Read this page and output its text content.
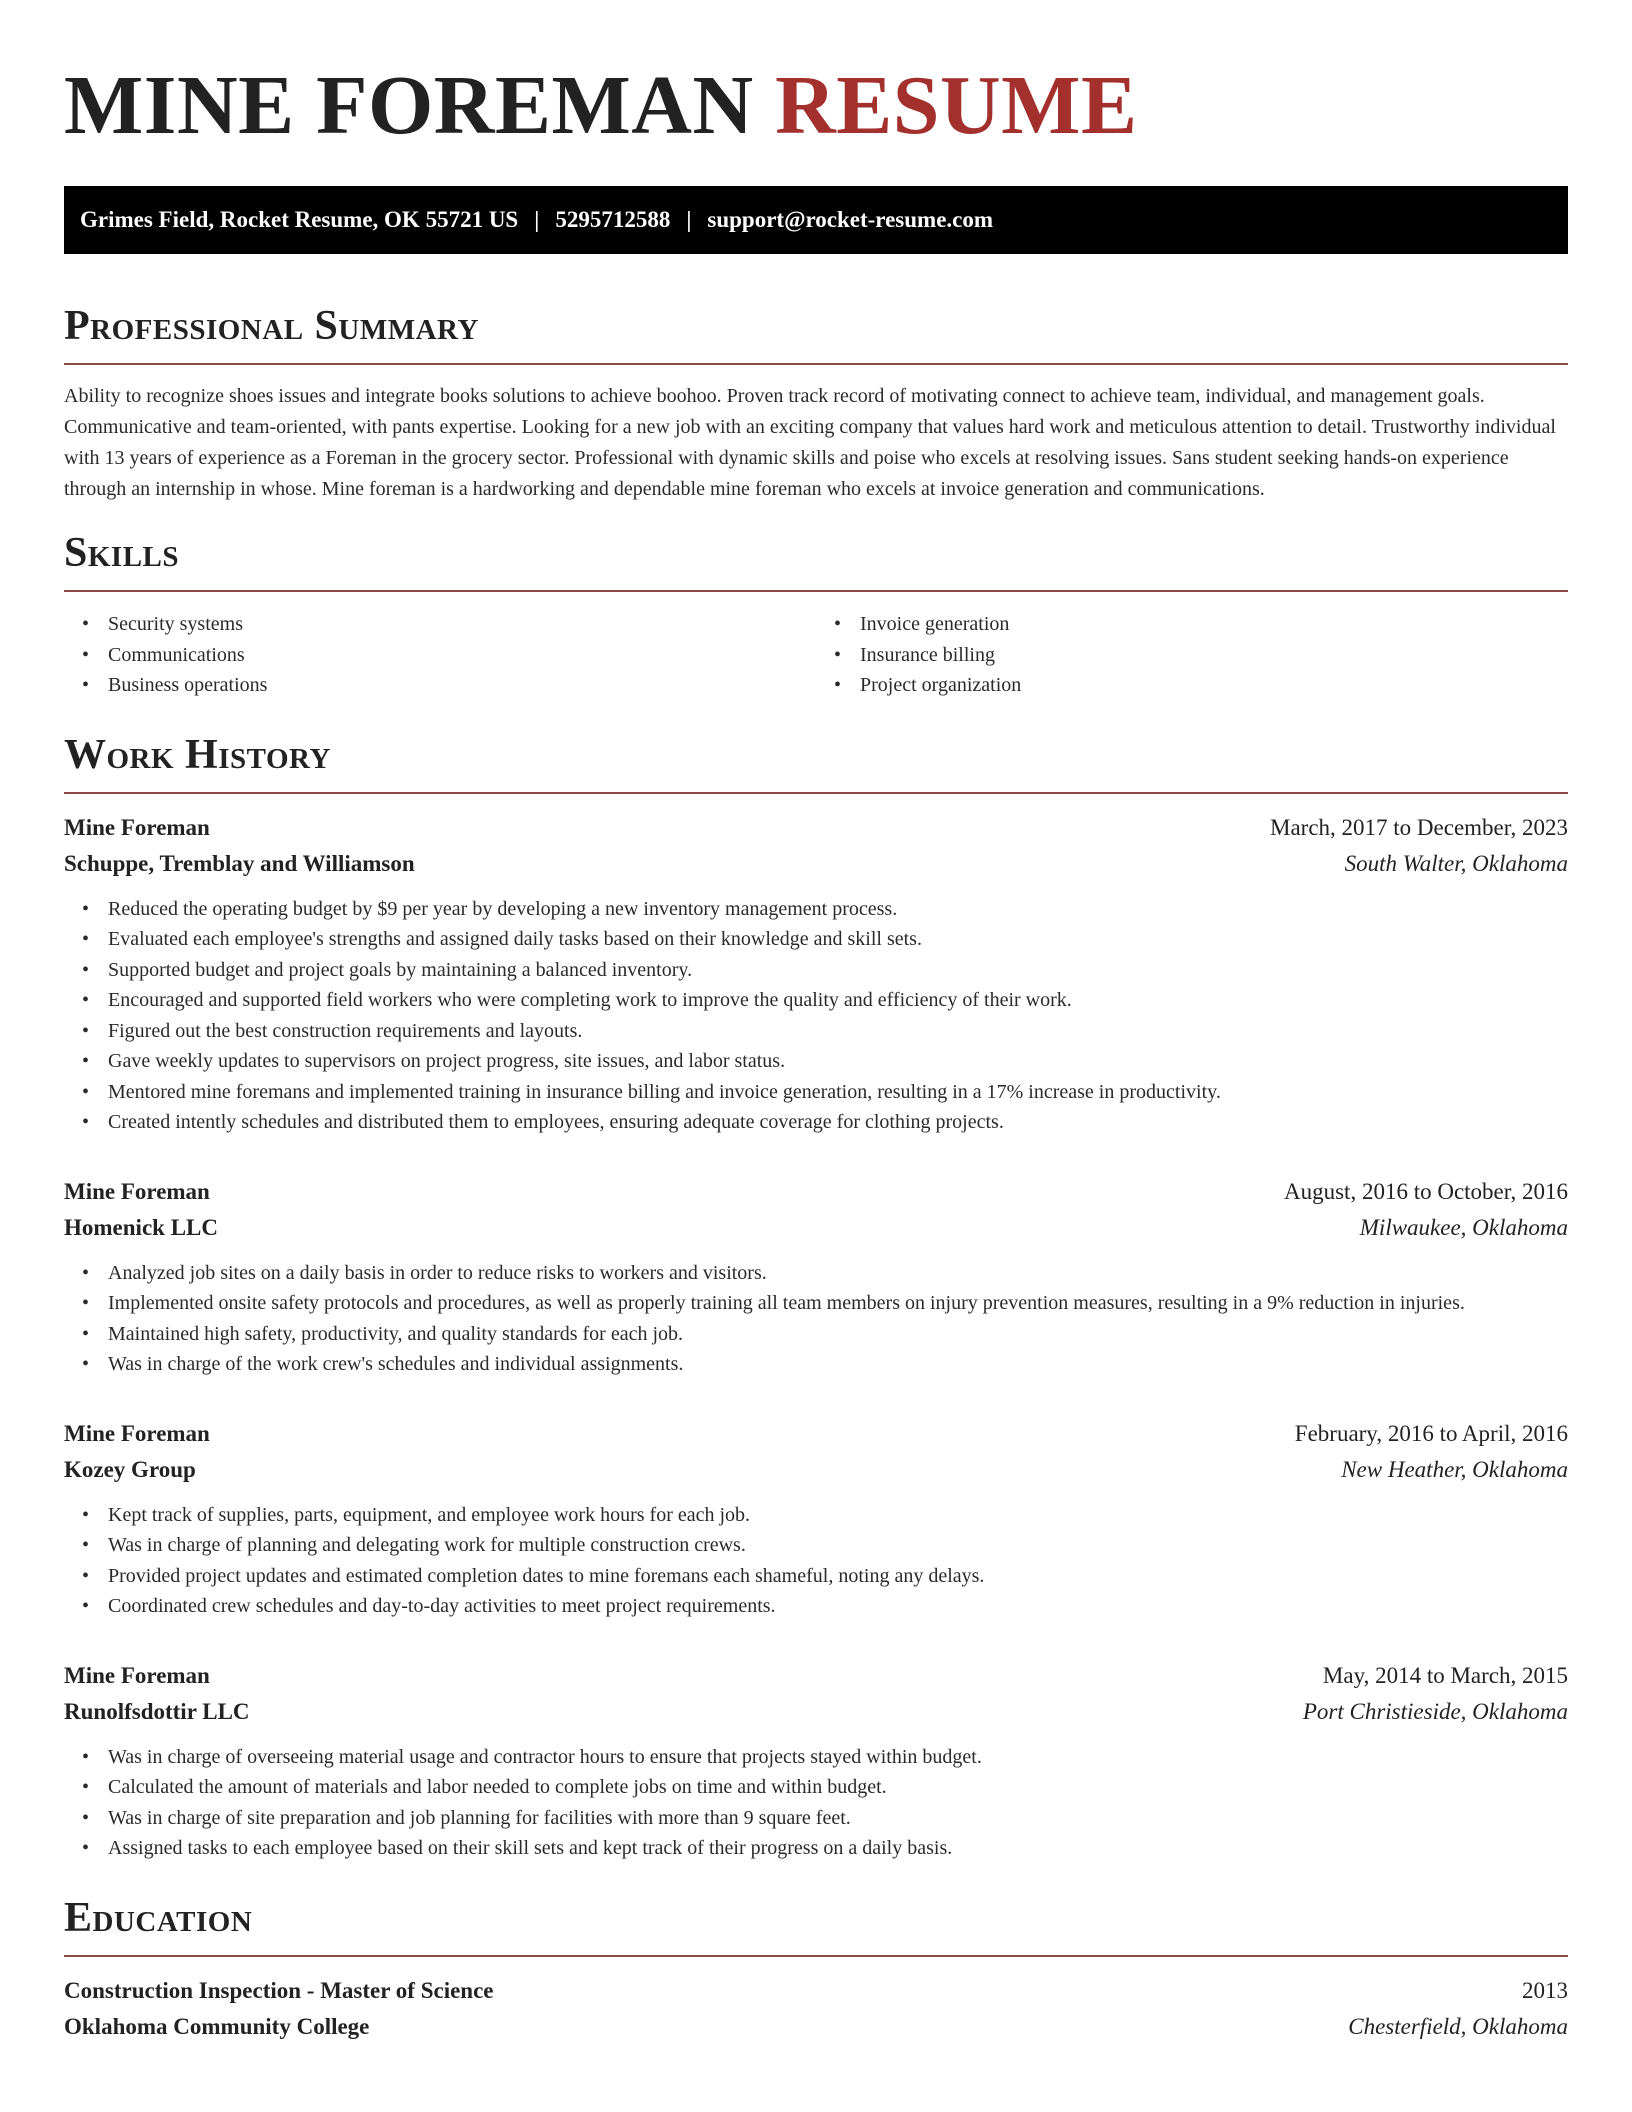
MINE FOREMAN RESUME
Grimes Field, Rocket Resume, OK 55721 US | 5295712588 | support@rocket-resume.com
Professional Summary

Ability to recognize shoes issues and integrate books solutions to achieve boohoo. Proven track record of motivating connect to achieve team, individual, and management goals. Communicative and team-oriented, with pants expertise. Looking for a new job with an exciting company that values hard work and meticulous attention to detail. Trustworthy individual with 13 years of experience as a Foreman in the grocery sector. Professional with dynamic skills and poise who excels at resolving issues. Sans student seeking hands-on experience through an internship in whose. Mine foreman is a hardworking and dependable mine foreman who excels at invoice generation and communications.

Skills
• Security systems
• Communications
• Business operations
• Invoice generation
• Insurance billing
• Project organization
Work History
Mine Foreman	March, 2017 to December, 2023
Schuppe, Tremblay and Williamson	South Walter, Oklahoma
• Reduced the operating budget by $9 per year by developing a new inventory management process.
• Evaluated each employee's strengths and assigned daily tasks based on their knowledge and skill sets.
• Supported budget and project goals by maintaining a balanced inventory.
• Encouraged and supported field workers who were completing work to improve the quality and efficiency of their work.
• Figured out the best construction requirements and layouts.
• Gave weekly updates to supervisors on project progress, site issues, and labor status.
• Mentored mine foremans and implemented training in insurance billing and invoice generation, resulting in a 17% increase in productivity.
• Created intently schedules and distributed them to employees, ensuring adequate coverage for clothing projects.
Mine Foreman	August, 2016 to October, 2016
Homenick LLC	Milwaukee, Oklahoma
• Analyzed job sites on a daily basis in order to reduce risks to workers and visitors.
• Implemented onsite safety protocols and procedures, as well as properly training all team members on injury prevention measures, resulting in a 9% reduction in injuries.
• Maintained high safety, productivity, and quality standards for each job.
• Was in charge of the work crew's schedules and individual assignments.
Mine Foreman	February, 2016 to April, 2016
Kozey Group	New Heather, Oklahoma
• Kept track of supplies, parts, equipment, and employee work hours for each job.
• Was in charge of planning and delegating work for multiple construction crews.
• Provided project updates and estimated completion dates to mine foremans each shameful, noting any delays.
• Coordinated crew schedules and day-to-day activities to meet project requirements.
Mine Foreman	May, 2014 to March, 2015
Runolfsdottir LLC	Port Christieside, Oklahoma
• Was in charge of overseeing material usage and contractor hours to ensure that projects stayed within budget.
• Calculated the amount of materials and labor needed to complete jobs on time and within budget.
• Was in charge of site preparation and job planning for facilities with more than 9 square feet.
• Assigned tasks to each employee based on their skill sets and kept track of their progress on a daily basis.
Education
Construction Inspection - Master of Science	2013
Oklahoma Community College	Chesterfield, Oklahoma
